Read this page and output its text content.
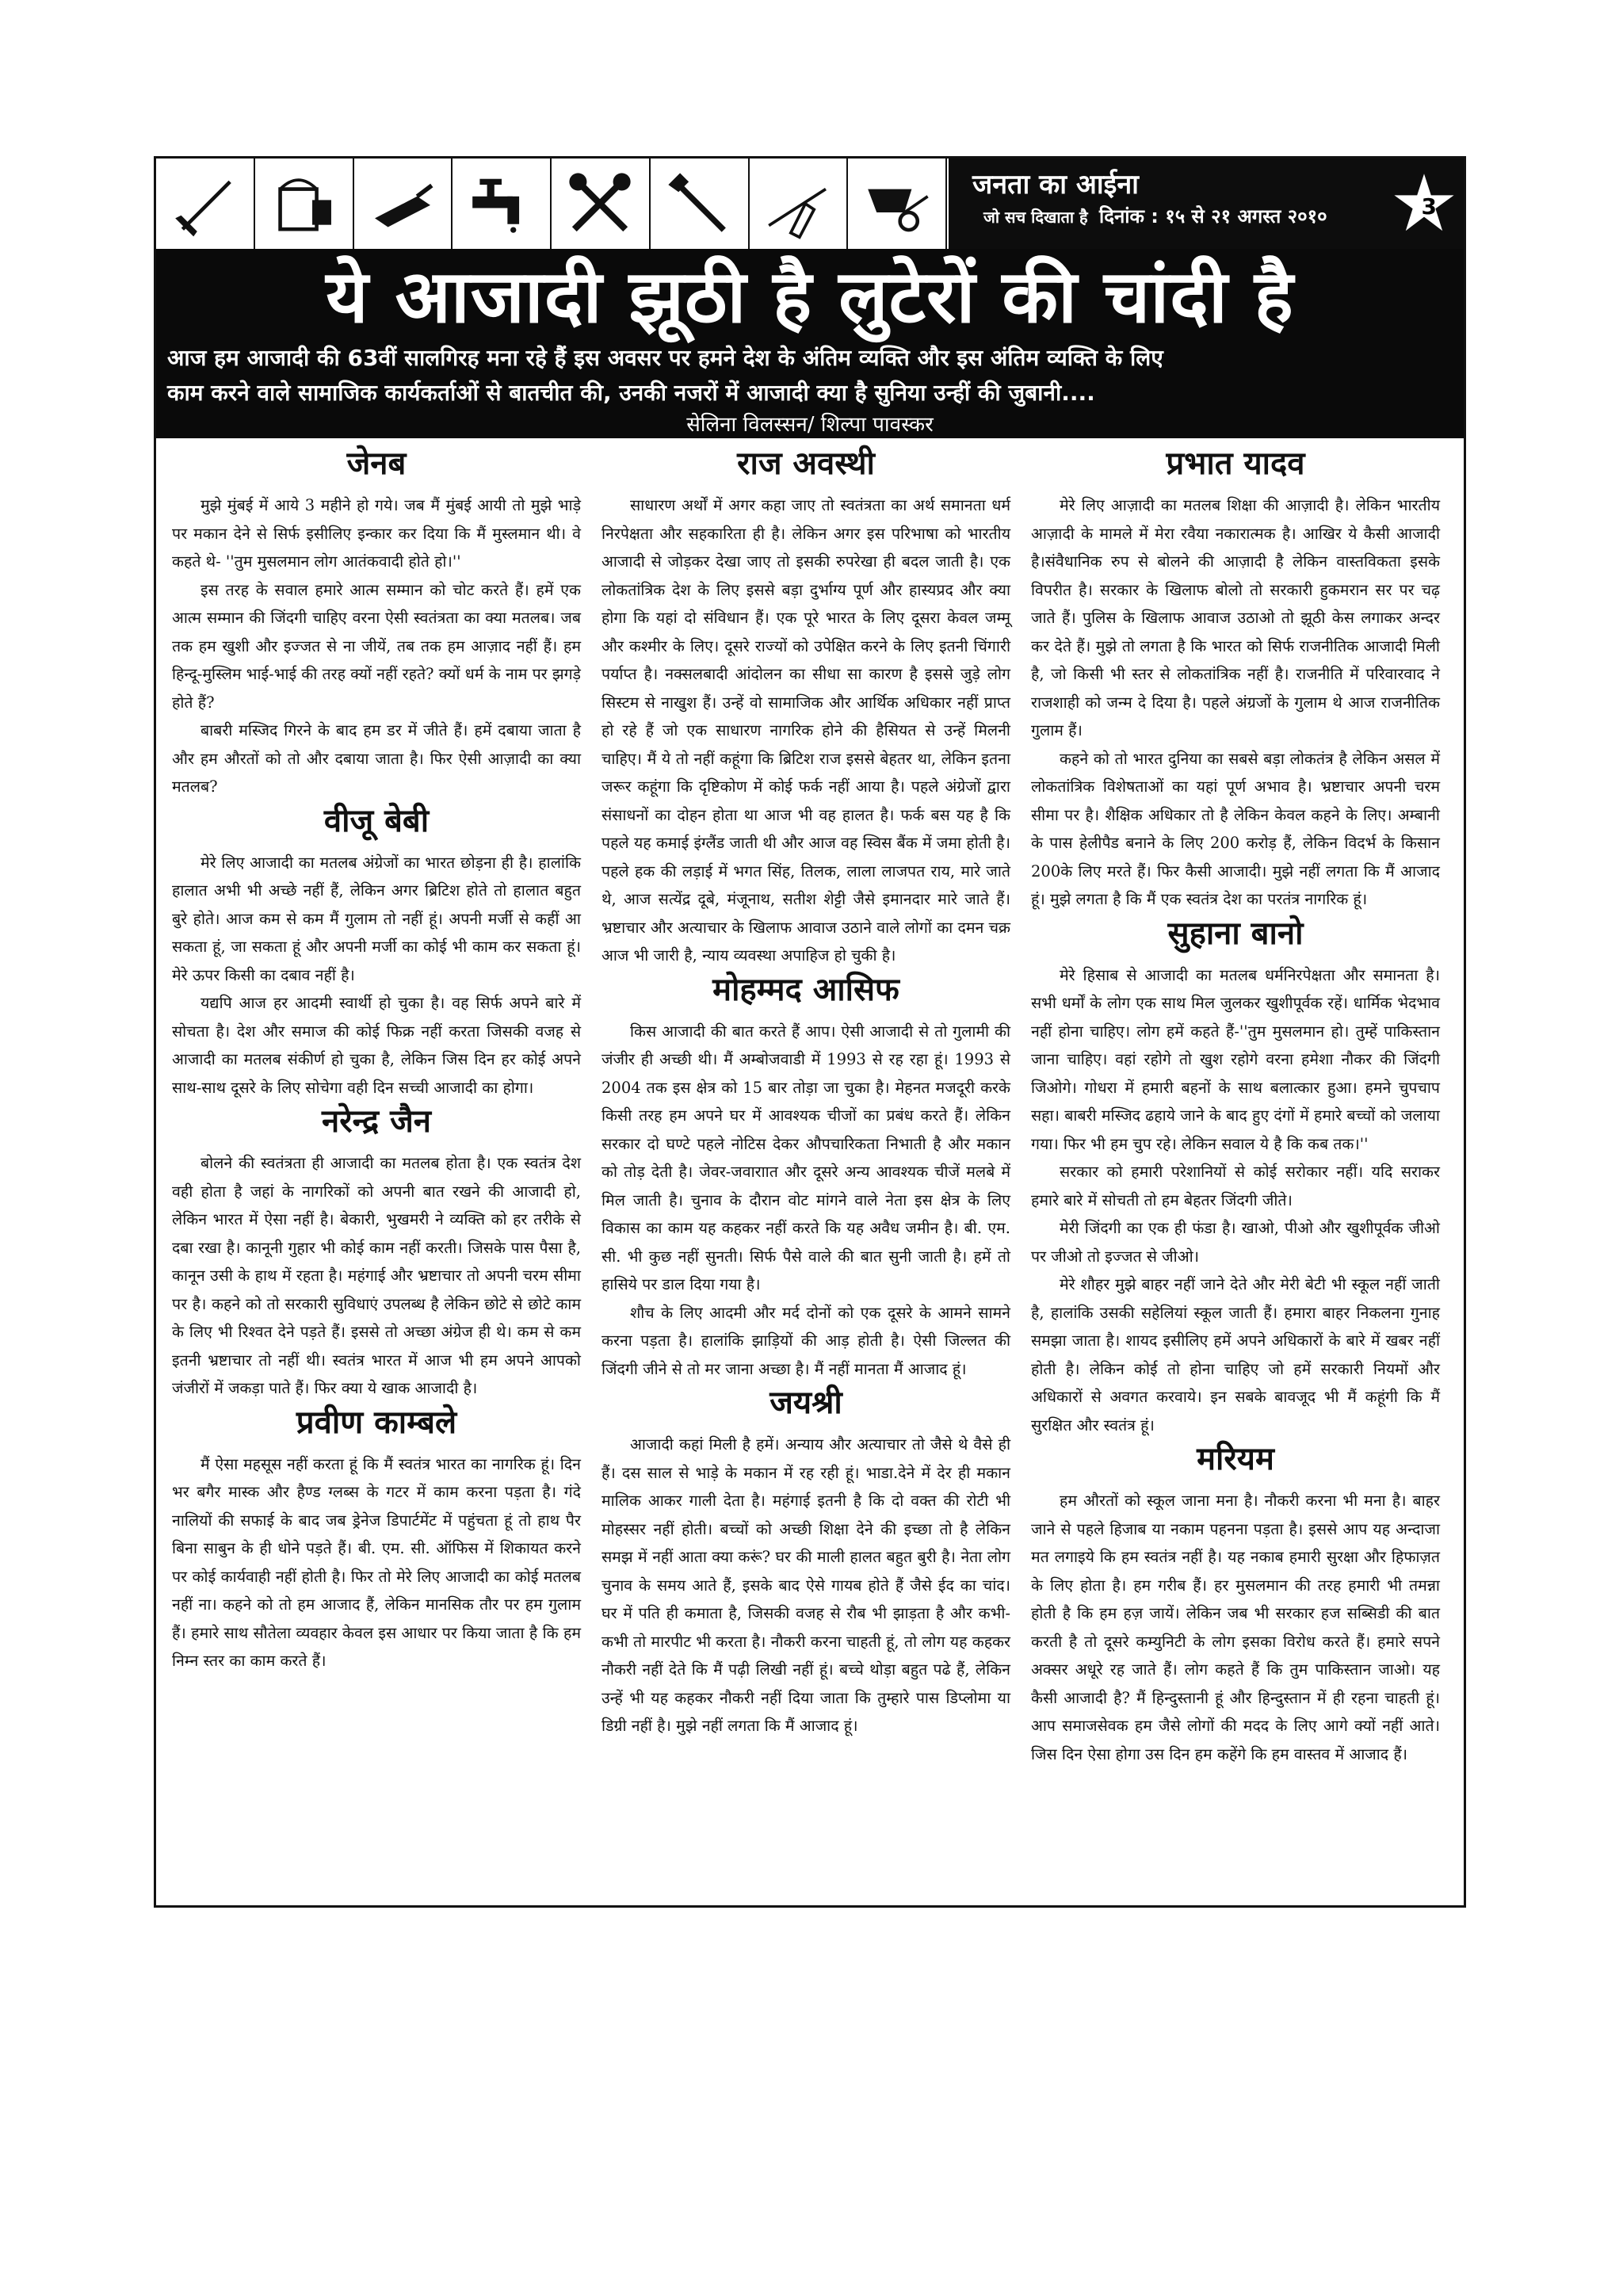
जनता का आईना
जो सच दिखाता है दिनांक : १५ से २१ अगस्त २०१०	3
ये आजादी झूठी है लुटेरों की चांदी है
आज हम आजादी की 63वीं सालगिरह मना रहे हैं इस अवसर पर हमने देश के अंतिम व्यक्ति और इस अंतिम व्यक्ति के लिए
काम करने वाले सामाजिक कार्यकर्ताओं से बातचीत की, उनकी नजरों में आजादी क्या है सुनिया उन्हीं की जुबानी....
सेलिना विलस्सन/ शिल्पा पावस्कर
जेनब

मुझे मुंबई में आये 3 महीने हो गये। जब मैं मुंबई आयी तो मुझे भाड़े पर मकान देने से सिर्फ इसीलिए इन्कार कर दिया कि मैं मुस्लमान थी। वे कहते थे- ''तुम मुसलमान लोग आतंकवादी होते हो।''

इस तरह के सवाल हमारे आत्म सम्मान को चोट करते हैं। हमें एक आत्म सम्मान की जिंदगी चाहिए वरना ऐसी स्वतंत्रता का क्या मतलब। जब तक हम खुशी और इज्जत से ना जीयें, तब तक हम आज़ाद नहीं हैं। हम हिन्दू-मुस्लिम भाई-भाई की तरह क्यों नहीं रहते? क्यों धर्म के नाम पर झगड़े होते हैं?

बाबरी मस्जिद गिरने के बाद हम डर में जीते हैं। हमें दबाया जाता है और हम औरतों को तो और दबाया जाता है। फिर ऐसी आज़ादी का क्या मतलब?

वीजू बेबी

मेरे लिए आजादी का मतलब अंग्रेजों का भारत छोड़ना ही है। हालांकि हालात अभी भी अच्छे नहीं हैं, लेकिन अगर ब्रिटिश होते तो हालात बहुत बुरे होते। आज कम से कम मैं गुलाम तो नहीं हूं। अपनी मर्जी से कहीं आ सकता हूं, जा सकता हूं और अपनी मर्जी का कोई भी काम कर सकता हूं। मेरे ऊपर किसी का दबाव नहीं है।

यद्यपि आज हर आदमी स्वार्थी हो चुका है। वह सिर्फ अपने बारे में सोचता है। देश और समाज की कोई फिक्र नहीं करता जिसकी वजह से आजादी का मतलब संकीर्ण हो चुका है, लेकिन जिस दिन हर कोई अपने साथ-साथ दूसरे के लिए सोचेगा वही दिन सच्ची आजादी का होगा।

नरेन्द्र जैन

बोलने की स्वतंत्रता ही आजादी का मतलब होता है। एक स्वतंत्र देश वही होता है जहां के नागरिकों को अपनी बात रखने की आजादी हो, लेकिन भारत में ऐसा नहीं है। बेकारी, भुखमरी ने व्यक्ति को हर तरीके से दबा रखा है। कानूनी गुहार भी कोई काम नहीं करती। जिसके पास पैसा है, कानून उसी के हाथ में रहता है। महंगाई और भ्रष्टाचार तो अपनी चरम सीमा पर है। कहने को तो सरकारी सुविधाएं उपलब्ध है लेकिन छोटे से छोटे काम के लिए भी रिश्वत देने पड़ते हैं। इससे तो अच्छा अंग्रेज ही थे। कम से कम इतनी भ्रष्टाचार तो नहीं थी। स्वतंत्र भारत में आज भी हम अपने आपको जंजीरों में जकड़ा पाते हैं। फिर क्या ये खाक आजादी है।

प्रवीण काम्बले

मैं ऐसा महसूस नहीं करता हूं कि मैं स्वतंत्र भारत का नागरिक हूं। दिन भर बगैर मास्क और हैण्ड ग्लब्स के गटर में काम करना पड़ता है। गंदे नालियों की सफाई के बाद जब ड्रेनेज डिपार्टमेंट में पहुंचता हूं तो हाथ पैर बिना साबुन के ही धोने पड़ते हैं। बी. एम. सी. ऑफिस में शिकायत करने पर कोई कार्यवाही नहीं होती है। फिर तो मेरे लिए आजादी का कोई मतलब नहीं ना। कहने को तो हम आजाद हैं, लेकिन मानसिक तौर पर हम गुलाम हैं। हमारे साथ सौतेला व्यवहार केवल इस आधार पर किया जाता है कि हम निम्न स्तर का काम करते हैं।

राज अवस्थी

साधारण अर्थों में अगर कहा जाए तो स्वतंत्रता का अर्थ समानता धर्म निरपेक्षता और सहकारिता ही है। लेकिन अगर इस परिभाषा को भारतीय आजादी से जोड़कर देखा जाए तो इसकी रुपरेखा ही बदल जाती है। एक लोकतांत्रिक देश के लिए इससे बड़ा दुर्भाग्य पूर्ण और हास्यप्रद और क्या होगा कि यहां दो संविधान हैं। एक पूरे भारत के लिए दूसरा केवल जम्मू और कश्मीर के लिए। दूसरे राज्यों को उपेक्षित करने के लिए इतनी चिंगारी पर्याप्त है। नक्सलबादी आंदोलन का सीधा सा कारण है इससे जुड़े लोग सिस्टम से नाखुश हैं। उन्हें वो सामाजिक और आर्थिक अधिकार नहीं प्राप्त हो रहे हैं जो एक साधारण नागरिक होने की हैसियत से उन्हें मिलनी चाहिए। मैं ये तो नहीं कहूंगा कि ब्रिटिश राज इससे बेहतर था, लेकिन इतना जरूर कहूंगा कि दृष्टिकोण में कोई फर्क नहीं आया है। पहले अंग्रेजों द्वारा संसाधनों का दोहन होता था आज भी वह हालत है। फर्क बस यह है कि पहले यह कमाई इंग्लैंड जाती थी और आज वह स्विस बैंक में जमा होती है। पहले हक की लड़ाई में भगत सिंह, तिलक, लाला लाजपत राय, मारे जाते थे, आज सत्येंद्र दूबे, मंजूनाथ, सतीश शेट्टी जैसे इमानदार मारे जाते हैं। भ्रष्टाचार और अत्याचार के खिलाफ आवाज उठाने वाले लोगों का दमन चक्र आज भी जारी है, न्याय व्यवस्था अपाहिज हो चुकी है।

मोहम्मद आसिफ

किस आजादी की बात करते हैं आप। ऐसी आजादी से तो गुलामी की जंजीर ही अच्छी थी। मैं अम्बोजवाडी में 1993 से रह रहा हूं। 1993 से 2004 तक इस क्षेत्र को 15 बार तोड़ा जा चुका है। मेहनत मजदूरी करके किसी तरह हम अपने घर में आवश्यक चीजों का प्रबंध करते हैं। लेकिन सरकार दो घण्टे पहले नोटिस देकर औपचारिकता निभाती है और मकान को तोड़ देती है। जेवर-जवाराात और दूसरे अन्य आवश्यक चीजें मलबे में मिल जाती है। चुनाव के दौरान वोट मांगने वाले नेता इस क्षेत्र के लिए विकास का काम यह कहकर नहीं करते कि यह अवैध जमीन है। बी. एम. सी. भी कुछ नहीं सुनती। सिर्फ पैसे वाले की बात सुनी जाती है। हमें तो हासिये पर डाल दिया गया है।

शौच के लिए आदमी और मर्द दोनों को एक दूसरे के आमने सामने करना पड़ता है। हालांकि झाड़ियों की आड़ होती है। ऐसी जिल्लत की जिंदगी जीने से तो मर जाना अच्छा है। मैं नहीं मानता मैं आजाद हूं।

जयश्री

आजादी कहां मिली है हमें। अन्याय और अत्याचार तो जैसे थे वैसे ही हैं। दस साल से भाड़े के मकान में रह रही हूं। भाडा.देने में देर ही मकान मालिक आकर गाली देता है। महंगाई इतनी है कि दो वक्त की रोटी भी मोहस्सर नहीं होती। बच्चों को अच्छी शिक्षा देने की इच्छा तो है लेकिन समझ में नहीं आता क्या करूं? घर की माली हालत बहुत बुरी है। नेता लोग चुनाव के समय आते हैं, इसके बाद ऐसे गायब होते हैं जैसे ईद का चांद। घर में पति ही कमाता है, जिसकी वजह से रौब भी झाड़ता है और कभी-कभी तो मारपीट भी करता है। नौकरी करना चाहती हूं, तो लोग यह कहकर नौकरी नहीं देते कि मैं पढ़ी लिखी नहीं हूं। बच्चे थोड़ा बहुत पढे हैं, लेकिन उन्हें भी यह कहकर नौकरी नहीं दिया जाता कि तुम्हारे पास डिप्लोमा या डिग्री नहीं है। मुझे नहीं लगता कि मैं आजाद हूं।

प्रभात यादव

मेरे लिए आज़ादी का मतलब शिक्षा की आज़ादी है। लेकिन भारतीय आज़ादी के मामले में मेरा रवैया नकारात्मक है। आखिर ये कैसी आजादी है।संवैधानिक रुप से बोलने की आज़ादी है लेकिन वास्तविकता इसके विपरीत है। सरकार के खिलाफ बोलो तो सरकारी हुकमरान सर पर चढ़ जाते हैं। पुलिस के खिलाफ आवाज उठाओ तो झूठी केस लगाकर अन्दर कर देते हैं। मुझे तो लगता है कि भारत को सिर्फ राजनीतिक आजादी मिली है, जो किसी भी स्तर से लोकतांत्रिक नहीं है। राजनीति में परिवारवाद ने राजशाही को जन्म दे दिया है। पहले अंग्रजों के गुलाम थे आज राजनीतिक गुलाम हैं।

कहने को तो भारत दुनिया का सबसे बड़ा लोकतंत्र है लेकिन असल में लोकतांत्रिक विशेषताओं का यहां पूर्ण अभाव है। भ्रष्टाचार अपनी चरम सीमा पर है। शैक्षिक अधिकार तो है लेकिन केवल कहने के लिए। अम्बानी के पास हेलीपैड बनाने के लिए 200 करोड़ हैं, लेकिन विदर्भ के किसान 200के लिए मरते हैं। फिर कैसी आजादी। मुझे नहीं लगता कि मैं आजाद हूं। मुझे लगता है कि मैं एक स्वतंत्र देश का परतंत्र नागरिक हूं।

सुहाना बानो

मेरे हिसाब से आजादी का मतलब धर्मनिरपेक्षता और समानता है। सभी धर्मों के लोग एक साथ मिल जुलकर खुशीपूर्वक रहें। धार्मिक भेदभाव नहीं होना चाहिए। लोग हमें कहते हैं-''तुम मुसलमान हो। तुम्हें पाकिस्तान जाना चाहिए। वहां रहोगे तो खुश रहोगे वरना हमेशा नौकर की जिंदगी जिओगे। गोधरा में हमारी बहनों के साथ बलात्कार हुआ। हमने चुपचाप सहा। बाबरी मस्जिद ढहाये जाने के बाद हुए दंगों में हमारे बच्चों को जलाया गया। फिर भी हम चुप रहे। लेकिन सवाल ये है कि कब तक।''

सरकार को हमारी परेशानियों से कोई सरोकार नहीं। यदि सराकर हमारे बारे में सोचती तो हम बेहतर जिंदगी जीते।

मेरी जिंदगी का एक ही फंडा है। खाओ, पीओ और खुशीपूर्वक जीओ पर जीओ तो इज्जत से जीओ।

मेरे शौहर मुझे बाहर नहीं जाने देते और मेरी बेटी भी स्कूल नहीं जाती है, हालांकि उसकी सहेलियां स्कूल जाती हैं। हमारा बाहर निकलना गुनाह समझा जाता है। शायद इसीलिए हमें अपने अधिकारों के बारे में खबर नहीं होती है। लेकिन कोई तो होना चाहिए जो हमें सरकारी नियमों और अधिकारों से अवगत करवाये। इन सबके बावजूद भी मैं कहूंगी कि मैं सुरक्षित और स्वतंत्र हूं।

मरियम

हम औरतों को स्कूल जाना मना है। नौकरी करना भी मना है। बाहर जाने से पहले हिजाब या नकाम पहनना पड़ता है। इससे आप यह अन्दाजा मत लगाइये कि हम स्वतंत्र नहीं है। यह नकाब हमारी सुरक्षा और हिफाज़त के लिए होता है। हम गरीब हैं। हर मुसलमान की तरह हमारी भी तमन्ना होती है कि हम हज़ जायें। लेकिन जब भी सरकार हज सब्सिडी की बात करती है तो दूसरे कम्युनिटी के लोग इसका विरोध करते हैं। हमारे सपने अक्सर अधूरे रह जाते हैं। लोग कहते हैं कि तुम पाकिस्तान जाओ। यह कैसी आजादी है? मैं हिन्दुस्तानी हूं और हिन्दुस्तान में ही रहना चाहती हूं। आप समाजसेवक हम जैसे लोगों की मदद के लिए आगे क्यों नहीं आते। जिस दिन ऐसा होगा उस दिन हम कहेंगे कि हम वास्तव में आजाद हैं।
